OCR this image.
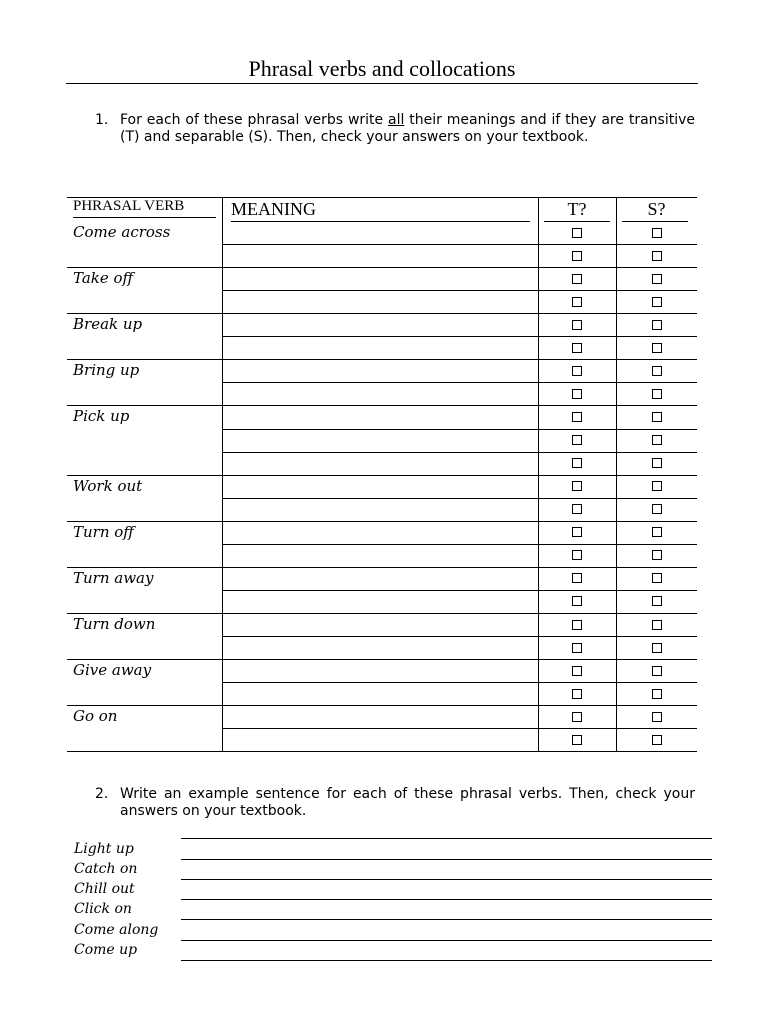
Phrasal verbs and collocations
1. For each of these phrasal verbs write all their meanings and if they are transitive (T) and separable (S). Then, check your answers on your textbook.
PHRASAL VERB	MEANING	T?	S?
Come across
Take off
Break up
Bring up
Pick up
Work out
Turn off
Turn away
Turn down
Give away
Go on
2. Write an example sentence for each of these phrasal verbs. Then, check your answers on your textbook.
Light up
Catch on
Chill out
Click on
Come along
Come up
